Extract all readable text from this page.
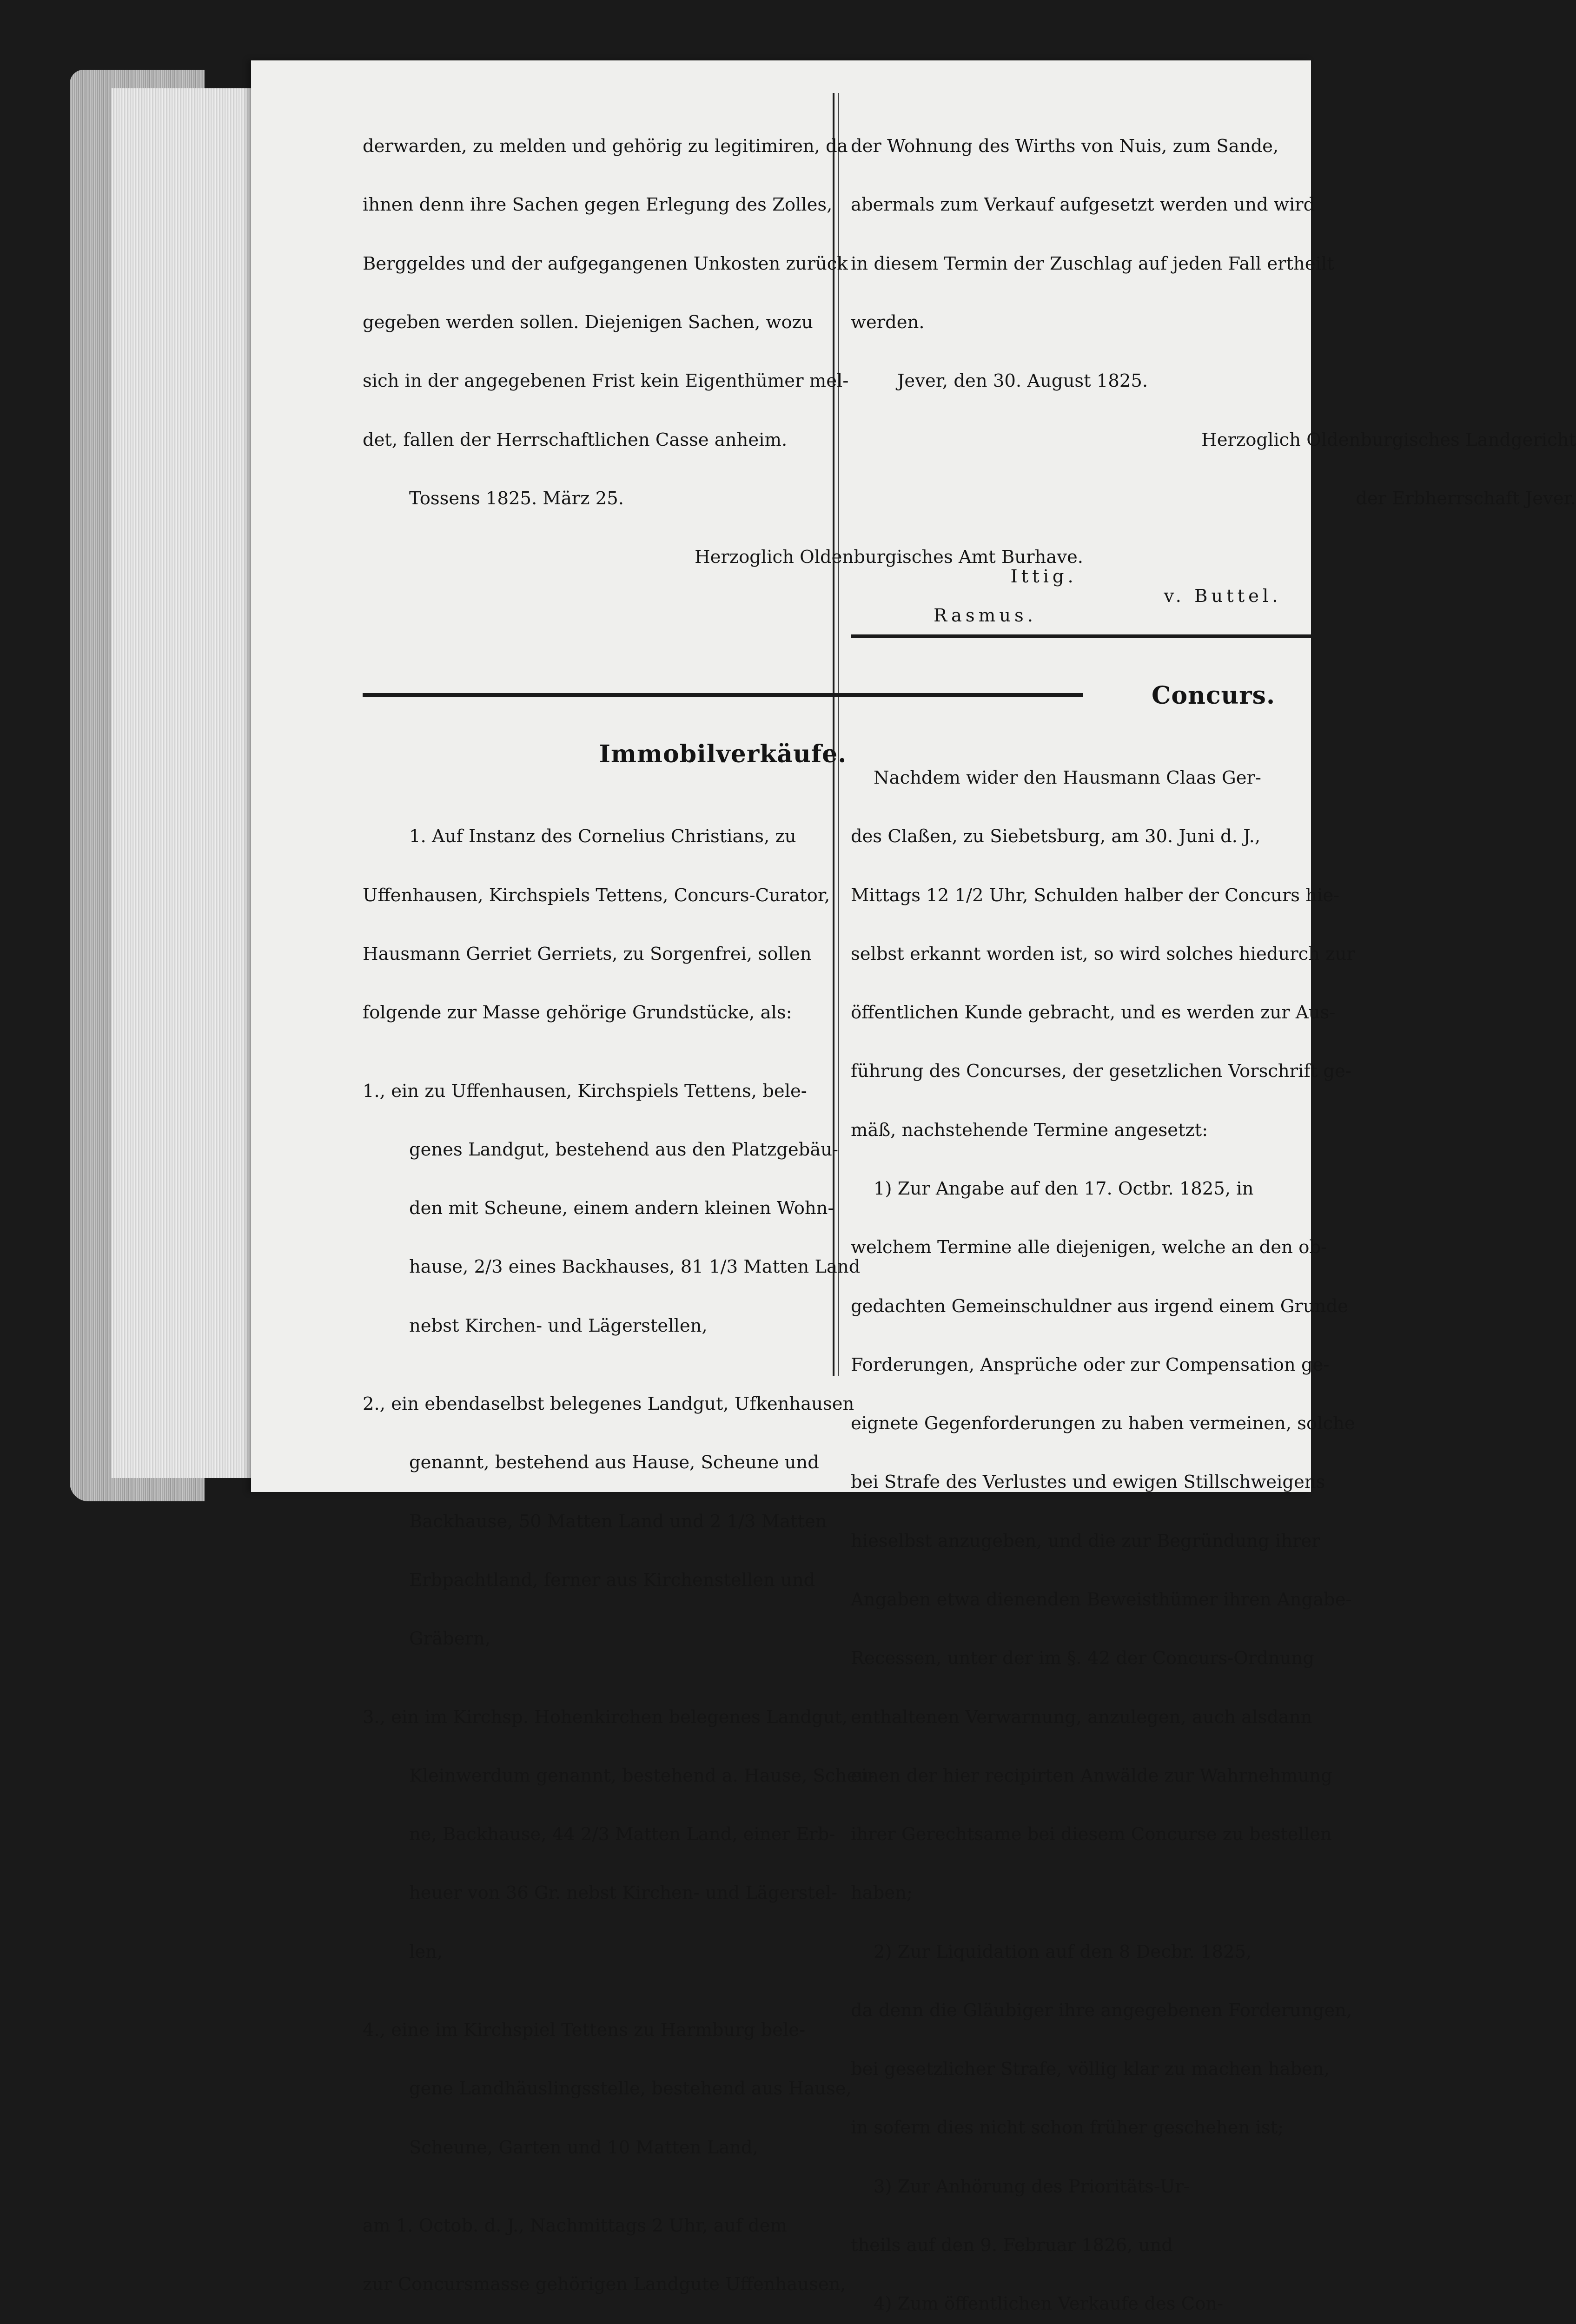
derwarden, zu melden und gehörig zu legitimiren, da

ihnen denn ihre Sachen gegen Erlegung des Zolles,

Berggeldes und der aufgegangenen Unkosten zurück

gegeben werden sollen. Diejenigen Sachen, wozu

sich in der angegebenen Frist kein Eigenthümer mel-

det, fallen der Herrschaftlichen Casse anheim.

Tossens 1825. März 25.

Herzoglich Oldenburgisches Amt Burhave.

Rasmus.

Immobilverkäufe.

1. Auf Instanz des Cornelius Christians, zu

Uffenhausen, Kirchspiels Tettens, Concurs-Curator,

Hausmann Gerriet Gerriets, zu Sorgenfrei, sollen

folgende zur Masse gehörige Grundstücke, als:

1., ein zu Uffenhausen, Kirchspiels Tettens, bele-

genes Landgut, bestehend aus den Platzgebäu-

den mit Scheune, einem andern kleinen Wohn-

hause, 2/3 eines Backhauses, 81 1/3 Matten Land

nebst Kirchen- und Lägerstellen,

2., ein ebendaselbst belegenes Landgut, Ufkenhausen

genannt, bestehend aus Hause, Scheune und

Backhause, 50 Matten Land und 2 1/3 Matten

Erbpachtland, ferner aus Kirchenstellen und

Gräbern,

3., ein im Kirchsp. Hohenkirchen belegenes Landgut,

Kleinwerdum genannt, bestehend a. Hause, Scheu-

ne, Backhause, 44 2/3 Matten Land, einer Erb-

heuer von 36 Gr. nebst Kirchen- und Lägerstel-

len,

4., eine im Kirchspiel Tettens zu Harmburg bele-

gene Landhäuslingsstelle, bestehend aus Hause,

Scheune, Garten und 10 Matten Land,

am 1. Octob. d. J., Nachmittags 2 Uhr, auf dem

zur Concursmasse gehörigen Landgute Uffenhausen,

der Wohnung des Wirths von Nuis, zum Sande,

abermals zum Verkauf aufgesetzt werden und wird

in diesem Termin der Zuschlag auf jeden Fall ertheilt

werden.

Jever, den 30. August 1825.

Herzoglich Oldenburgisches Landgericht

der Erbherrschaft Jever.

Ittig.
v. Buttel.

Concurs.

Nachdem wider den Hausmann Claas Ger-

des Claßen, zu Siebetsburg, am 30. Juni d. J.,

Mittags 12 1/2 Uhr, Schulden halber der Concurs hie-

selbst erkannt worden ist, so wird solches hiedurch zur

öffentlichen Kunde gebracht, und es werden zur Aus-

führung des Concurses, der gesetzlichen Vorschrift ge-

mäß, nachstehende Termine angesetzt:

1) Zur Angabe auf den 17. Octbr. 1825, in

welchem Termine alle diejenigen, welche an den ob-

gedachten Gemeinschuldner aus irgend einem Grunde

Forderungen, Ansprüche oder zur Compensation ge-

eignete Gegenforderungen zu haben vermeinen, solche

bei Strafe des Verlustes und ewigen Stillschweigens

hieselbst anzugeben, und die zur Begründung ihrer

Angaben etwa dienenden Beweisthümer ihren Angabe-

Recessen, unter der im §. 42 der Concurs-Ordnung

enthaltenen Verwarnung, anzulegen, auch alsdann

einen der hier recipirten Anwälde zur Wahrnehmung

ihrer Gerechtsame bei diesem Concurse zu bestellen

haben;

2) Zur Liquidation auf den 8 Decbr. 1825,

da denn die Gläubiger ihre angegebenen Forderungen,

bei gesetzlicher Strafe, völlig klar zu machen haben,

in sofern dies nicht schon früher geschehen ist;

3) Zur Anhörung des Prioritäts-Ur-

theils auf den 9. Februar 1826, und

4) Zum öffentlichen Verkaufe des Con-
